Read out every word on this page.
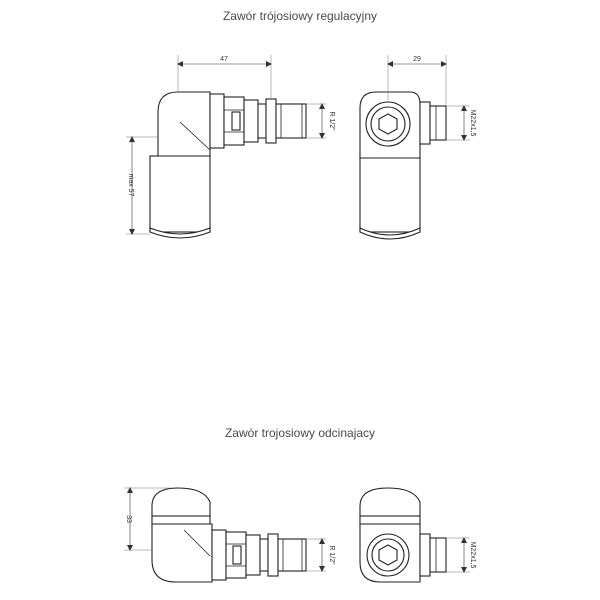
Zawór trójosiowy regulacyjny
47
R 1/2"
max 57
29
M22x1,5
Zawór trojosiowy odcinajacy
33
R 1/2"	M22x1,5
